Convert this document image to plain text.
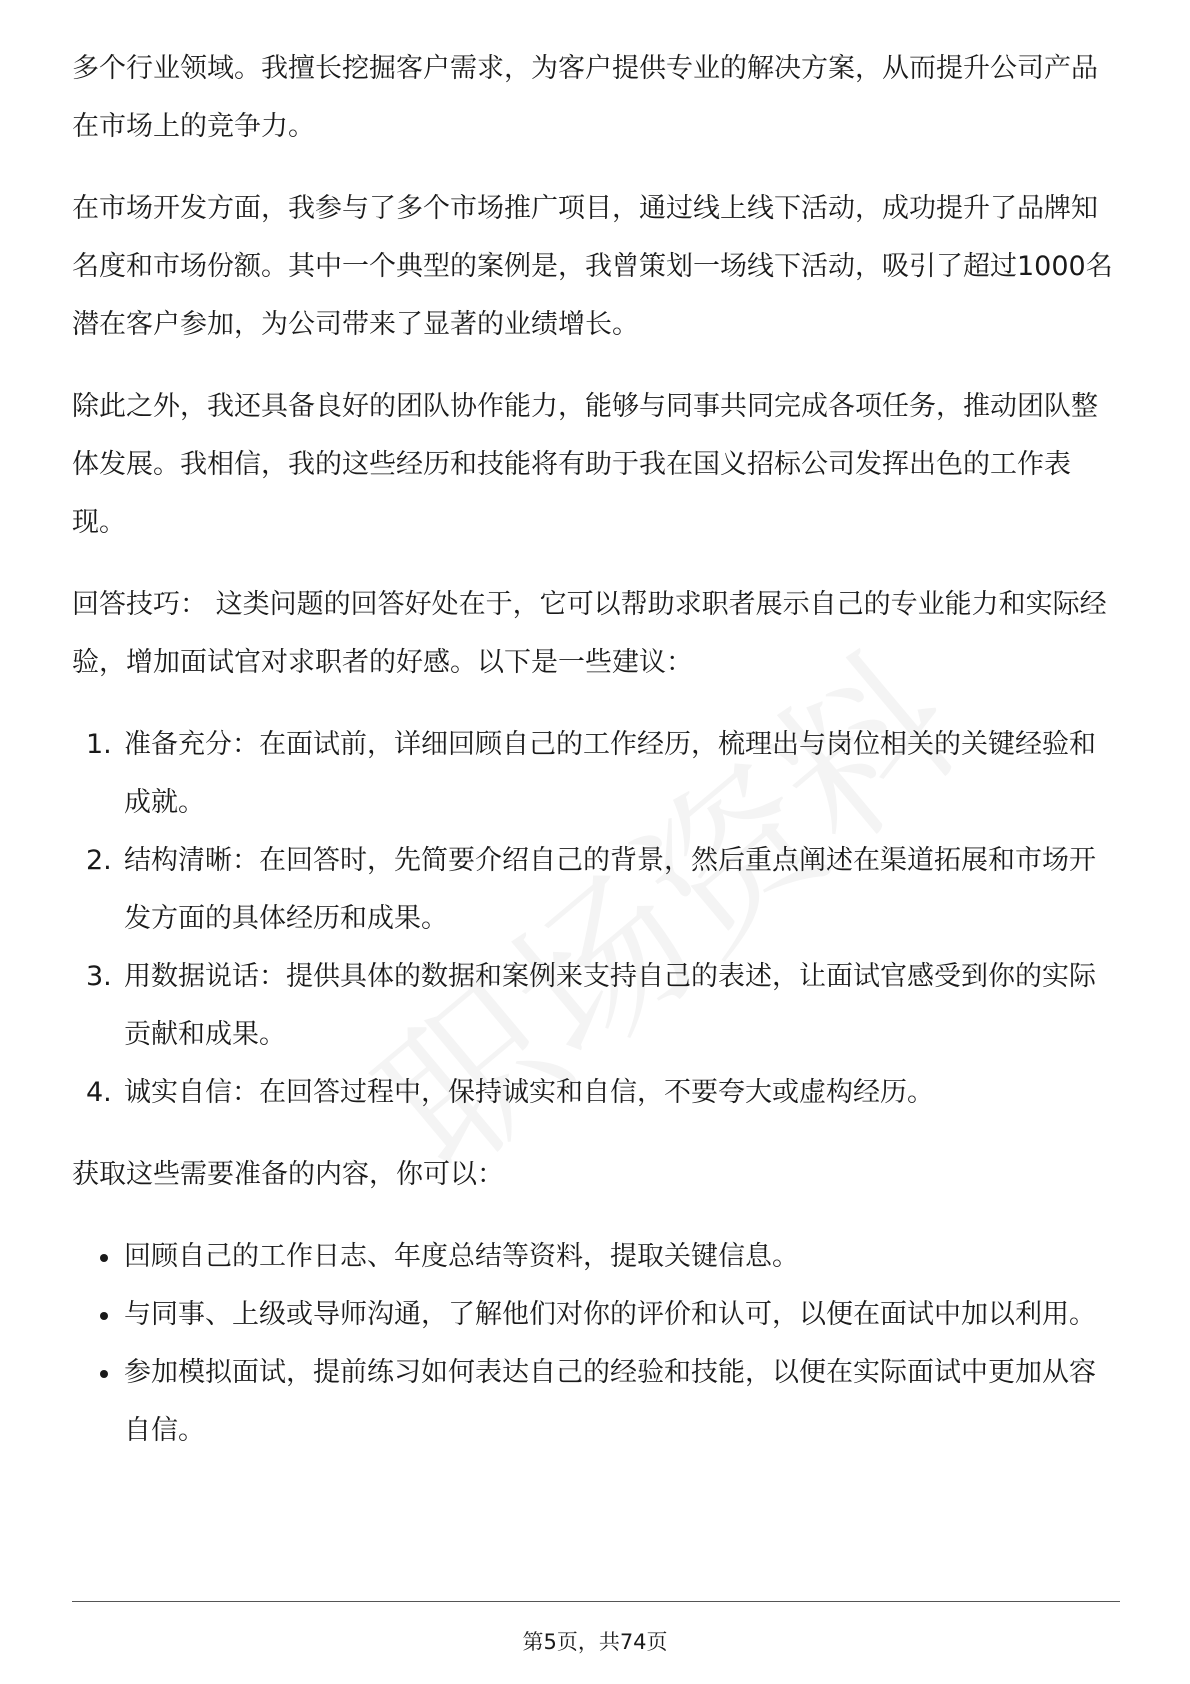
多个行业领域。我擅长挖掘客户需求，为客户提供专业的解决方案，从而提升公司产品在市场上的竞争力。

在市场开发方面，我参与了多个市场推广项目，通过线上线下活动，成功提升了品牌知名度和市场份额。其中一个典型的案例是，我曾策划一场线下活动，吸引了超过1000名潜在客户参加，为公司带来了显著的业绩增长。

除此之外，我还具备良好的团队协作能力，能够与同事共同完成各项任务，推动团队整体发展。我相信，我的这些经历和技能将有助于我在国义招标公司发挥出色的工作表现。

回答技巧： 这类问题的回答好处在于，它可以帮助求职者展示自己的专业能力和实际经验，增加面试官对求职者的好感。以下是一些建议：

1. 准备充分：在面试前，详细回顾自己的工作经历，梳理出与岗位相关的关键经验和成就。
2. 结构清晰：在回答时，先简要介绍自己的背景，然后重点阐述在渠道拓展和市场开发方面的具体经历和成果。
3. 用数据说话：提供具体的数据和案例来支持自己的表述，让面试官感受到你的实际贡献和成果。
4. 诚实自信：在回答过程中，保持诚实和自信，不要夸大或虚构经历。

获取这些需要准备的内容，你可以：

回顾自己的工作日志、年度总结等资料，提取关键信息。
与同事、上级或导师沟通，了解他们对你的评价和认可，以便在面试中加以利用。
参加模拟面试，提前练习如何表达自己的经验和技能，以便在实际面试中更加从容自信。
第5页，共74页
